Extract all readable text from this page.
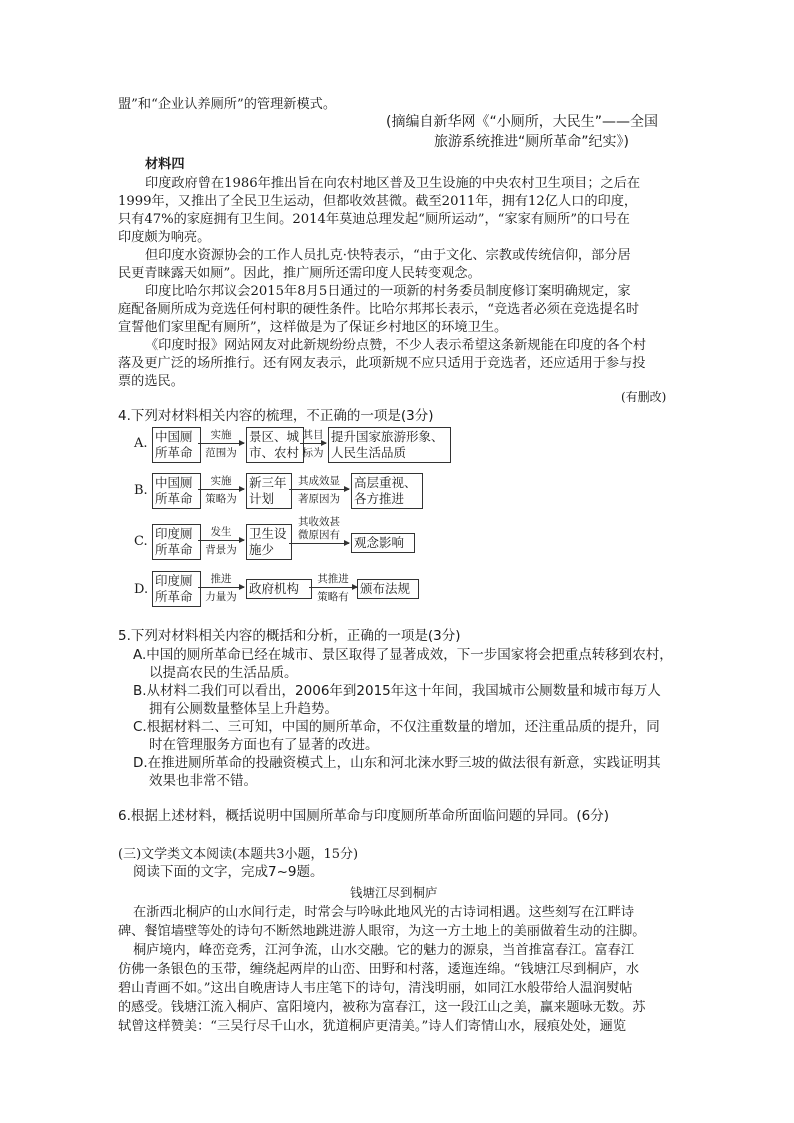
盟”和“企业认养厕所”的管理新模式。
(摘编自新华网《“小厕所，大民生”——全国
旅游系统推进“厕所革命”纪实》)
材料四
印度政府曾在1986年推出旨在向农村地区普及卫生设施的中央农村卫生项目；之后在
1999年，又推出了全民卫生运动，但都收效甚微。截至2011年，拥有12亿人口的印度，
只有47%的家庭拥有卫生间。2014年莫迪总理发起“厕所运动”，“家家有厕所”的口号在
印度颇为响亮。
但印度水资源协会的工作人员扎克·快特表示，“由于文化、宗教或传统信仰，部分居
民更青睐露天如厕”。因此，推广厕所还需印度人民转变观念。
印度比哈尔邦议会2015年8月5日通过的一项新的村务委员制度修订案明确规定，家
庭配备厕所成为竞选任何村职的硬性条件。比哈尔邦邦长表示，“竞选者必须在竞选提名时
宣誓他们家里配有厕所”，这样做是为了保证乡村地区的环境卫生。
《印度时报》网站网友对此新规纷纷点赞，不少人表示希望这条新规能在印度的各个村
落及更广泛的场所推行。还有网友表示，此项新规不应只适用于竞选者，还应适用于参与投
票的选民。
(有删改)
4.下列对材料相关内容的梳理，不正确的一项是(3分)
A. 中国厕
所革命
实施
范围为
景区、城
市、农村
其目
标为
提升国家旅游形象、
人民生活品质
B.
中国厕
所革命
实施
策略为
新三年
计划
其成效显
著原因为
高层重视、
各方推进
C.
印度厕
所革命
发生
背景为
卫生设
施少
其收效甚
微原因有	观念影响
D.
印度厕
所革命
推进
力量为
政府机构
其推进
策略有
颁布法规
5.下列对材料相关内容的概括和分析，正确的一项是(3分)
A.中国的厕所革命已经在城市、景区取得了显著成效，下一步国家将会把重点转移到农村，
以提高农民的生活品质。
B.从材料二我们可以看出，2006年到2015年这十年间，我国城市公厕数量和城市每万人
拥有公厕数量整体呈上升趋势。
C.根据材料二、三可知，中国的厕所革命，不仅注重数量的增加，还注重品质的提升，同
时在管理服务方面也有了显著的改进。
D.在推进厕所革命的投融资模式上，山东和河北涞水野三坡的做法很有新意，实践证明其
效果也非常不错。
6.根据上述材料，概括说明中国厕所革命与印度厕所革命所面临问题的异同。(6分)
(三)文学类文本阅读(本题共3小题，15分)
阅读下面的文字，完成7~9题。
钱塘江尽到桐庐
在浙西北桐庐的山水间行走，时常会与吟咏此地风光的古诗词相遇。这些刻写在江畔诗
碑、餐馆墙壁等处的诗句不断然地跳进游人眼帘，为这一方土地上的美丽做着生动的注脚。
桐庐境内，峰峦竞秀，江河争流，山水交融。它的魅力的源泉，当首推富春江。富春江
仿佛一条银色的玉带，缠绕起两岸的山峦、田野和村落，逶迤连绵。“钱塘江尽到桐庐，水
碧山青画不如。”这出自晚唐诗人韦庄笔下的诗句，清浅明丽，如同江水般带给人温润熨帖
的感受。钱塘江流入桐庐、富阳境内，被称为富春江，这一段江山之美，赢来题咏无数。苏
轼曾这样赞美：“三吴行尽千山水，犹道桐庐更清美。”诗人们寄情山水，屐痕处处，逦览
